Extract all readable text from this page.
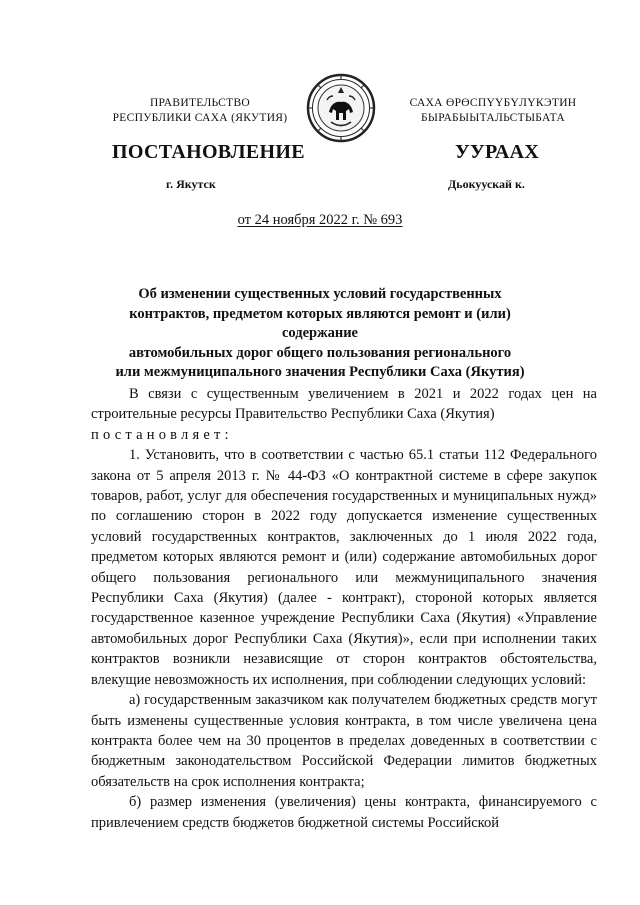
ПРАВИТЕЛЬСТВО
РЕСПУБЛИКИ САХА (ЯКУТИЯ)
САХА ӨРӨСПҮҮБҮЛҮКЭТИН
БЫРАБЫЫТАЛЬСТЫБАТА
ПОСТАНОВЛЕНИЕ	УУРААХ
г. Якутск	Дьокуускай к.
от 24 ноября 2022 г. № 693
Об изменении существенных условий государственных
контрактов, предметом которых являются ремонт и (или) содержание
автомобильных дорог общего пользования регионального
или межмуниципального значения Республики Саха (Якутия)

В связи с существенным увеличением в 2021 и 2022 годах цен на строительные ресурсы Правительство Республики Саха (Якутия)
постановляет:

1. Установить, что в соответствии с частью 65.1 статьи 112 Федерального закона от 5 апреля 2013 г. № 44-ФЗ «О контрактной системе в сфере закупок товаров, работ, услуг для обеспечения государственных и муниципальных нужд» по соглашению сторон в 2022 году допускается изменение существенных условий государственных контрактов, заключенных до 1 июля 2022 года, предметом которых являются ремонт и (или) содержание автомобильных дорог общего пользования регионального или межмуниципального значения Республики Саха (Якутия) (далее - контракт), стороной которых является государственное казенное учреждение Республики Саха (Якутия) «Управление автомобильных дорог Республики Саха (Якутия)», если при исполнении таких контрактов возникли независящие от сторон контрактов обстоятельства, влекущие невозможность их исполнения, при соблюдении следующих условий:

а) государственным заказчиком как получателем бюджетных средств могут быть изменены существенные условия контракта, в том числе увеличена цена контракта более чем на 30 процентов в пределах доведенных в соответствии с бюджетным законодательством Российской Федерации лимитов бюджетных обязательств на срок исполнения контракта;

б) размер изменения (увеличения) цены контракта, финансируемого с привлечением средств бюджетов бюджетной системы Российской
